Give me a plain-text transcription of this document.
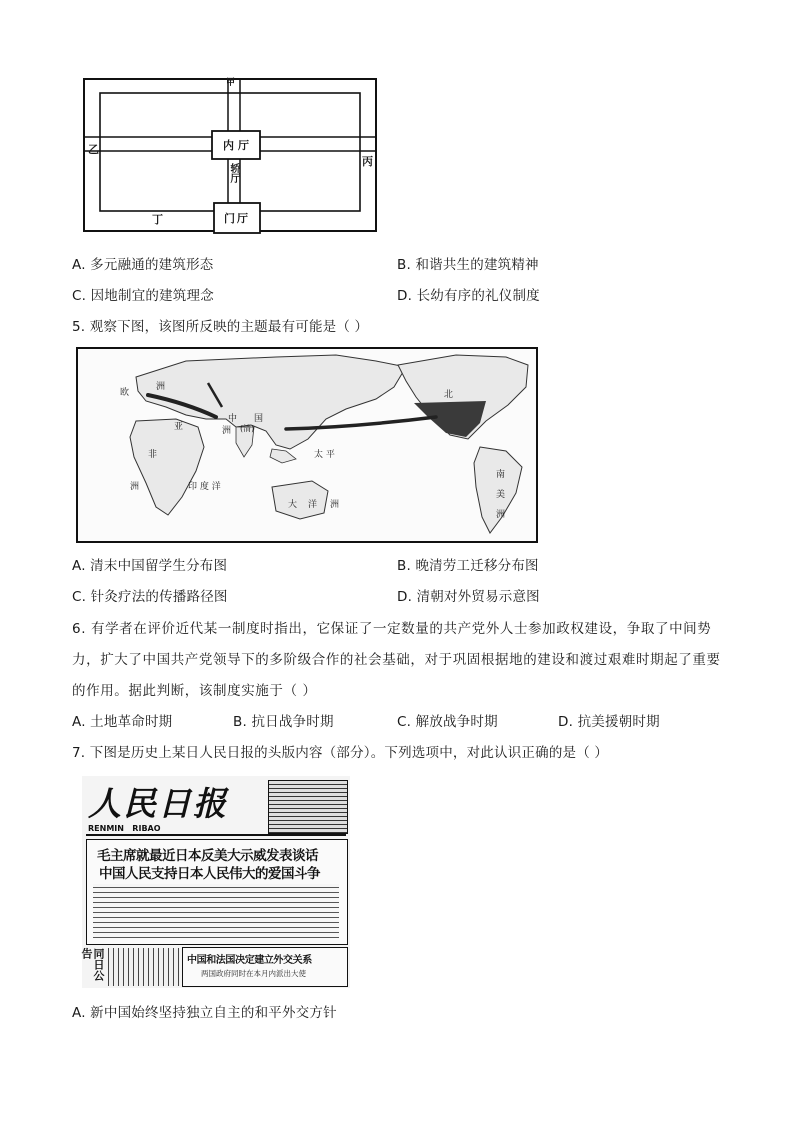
甲
乙
丙
丁
内厅
轿厅
门厅
A. 多元融通的建筑形态	B. 和谐共生的建筑精神
C. 因地制宜的建筑理念	D. 长幼有序的礼仪制度
5. 观察下图，该图所反映的主题最有可能是（ ）
欧
洲
亚
中 国
(清)
洲
非
洲	印 度 洋
太 平
大 洋 洲
北
南
美
洲
A. 清末中国留学生分布图	B. 晚清劳工迁移分布图
C. 针灸疗法的传播路径图	D. 清朝对外贸易示意图
6. 有学者在评价近代某一制度时指出，它保证了一定数量的共产党外人士参加政权建设，争取了中间势力，扩大了中国共产党领导下的多阶级合作的社会基础，对于巩固根据地的建设和渡过艰难时期起了重要的作用。据此判断，该制度实施于（ ）
A. 土地革命时期	B. 抗日战争时期	C. 解放战争时期	D. 抗美援朝时期
7. 下图是历史上某日人民日报的头版内容（部分）。下列选项中，对此认识正确的是（ ）
人民日报
RENMIN   RIBAO
毛主席就最近日本反美大示威发表谈话
中国人民支持日本人民伟大的爱国斗争
同日公告
中国和法国决定建立外交关系
两国政府同时在本月内派出大使
A. 新中国始终坚持独立自主的和平外交方针
